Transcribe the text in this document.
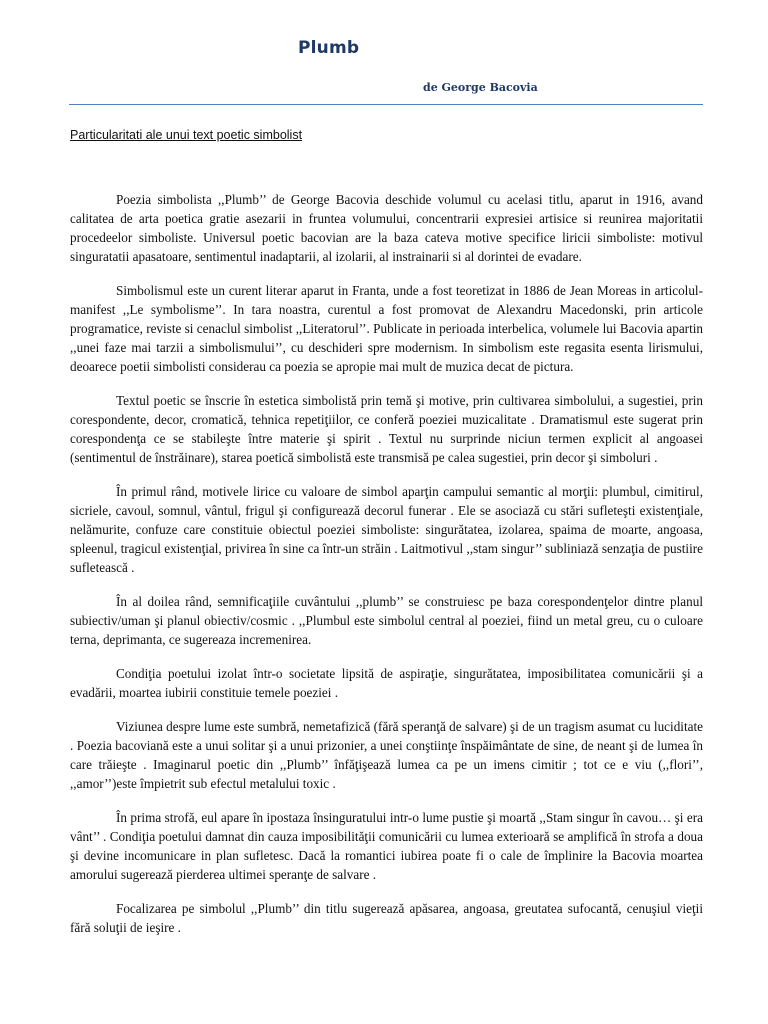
Plumb

de George Bacovia

Particularitati ale unui text poetic simbolist

Poezia simbolista ,,Plumb’’ de George Bacovia deschide volumul cu acelasi titlu, aparut in 1916, avand calitatea de arta poetica gratie asezarii in fruntea volumului, concentrarii expresiei artisice si reunirea majoritatii procedeelor simboliste. Universul poetic bacovian are la baza cateva motive specifice liricii simboliste: motivul singuratatii apasatoare, sentimentul inadaptarii, al izolarii, al instrainarii si al dorintei de evadare.

Simbolismul este un curent literar aparut in Franta, unde a fost teoretizat in 1886 de Jean Moreas in articolul-manifest ,,Le symbolisme’’. In tara noastra, curentul a fost promovat de Alexandru Macedonski, prin articole programatice, reviste si cenaclul simbolist ,,Literatorul’’. Publicate in perioada interbelica, volumele lui Bacovia apartin ,,unei faze mai tarzii a simbolismului’’, cu deschideri spre modernism. In simbolism este regasita esenta lirismului, deoarece poetii simbolisti considerau ca poezia se apropie mai mult de muzica decat de pictura.

Textul poetic se înscrie în estetica simbolistă prin temă şi motive, prin cultivarea simbolului, a sugestiei, prin corespondente, decor, cromatică, tehnica repetiţiilor, ce conferă poeziei muzicalitate . Dramatismul este sugerat prin corespondenţa ce se stabileşte între materie şi spirit . Textul nu surprinde niciun termen explicit al angoasei (sentimentul de înstrăinare), starea poetică simbolistă este transmisă pe calea sugestiei, prin decor şi simboluri .

În primul rând, motivele lirice cu valoare de simbol aparţin campului semantic al morţii: plumbul, cimitirul, sicriele, cavoul, somnul, vântul, frigul şi configurează decorul funerar . Ele se asociază cu stări sufleteşti existenţiale, nelămurite, confuze care constituie obiectul poeziei simboliste: singurătatea, izolarea, spaima de moarte, angoasa, spleenul, tragicul existenţial, privirea în sine ca într-un străin . Laitmotivul ,,stam singur’’ subliniază senzaţia de pustiire sufletească .

În al doilea rând, semnificaţiile cuvântului ,,plumb’’ se construiesc pe baza corespondenţelor dintre planul subiectiv/uman şi planul obiectiv/cosmic . ,,Plumbul este simbolul central al poeziei, fiind un metal greu, cu o culoare terna, deprimanta, ce sugereaza incremenirea.

Condiţia poetului izolat într-o societate lipsită de aspiraţie, singurătatea, imposibilitatea comunicării şi a evadării, moartea iubirii constituie temele poeziei .

Viziunea despre lume este sumbră, nemetafizică (fără speranţă de salvare) şi de un tragism asumat cu luciditate . Poezia bacoviană este a unui solitar şi a unui prizonier, a unei conştiinţe înspăimântate de sine, de neant şi de lumea în care trăieşte . Imaginarul poetic din ,,Plumb’’ înfăţişează lumea ca pe un imens cimitir ; tot ce e viu (,,flori’’, ,,amor’’)este împietrit sub efectul metalului toxic .

În prima strofă, eul apare în ipostaza însinguratului intr-o lume pustie şi moartă ,,Stam singur în cavou… şi era vânt’’ . Condiţia poetului damnat din cauza imposibilităţii comunicării cu lumea exterioară se amplifică în strofa a doua şi devine incomunicare in plan sufletesc. Dacă la romantici iubirea poate fi o cale de împlinire la Bacovia moartea amorului sugerează pierderea ultimei speranţe de salvare .

Focalizarea pe simbolul ,,Plumb’’ din titlu sugerează apăsarea, angoasa, greutatea sufocantă, cenuşiul vieţii fără soluţii de ieşire .
